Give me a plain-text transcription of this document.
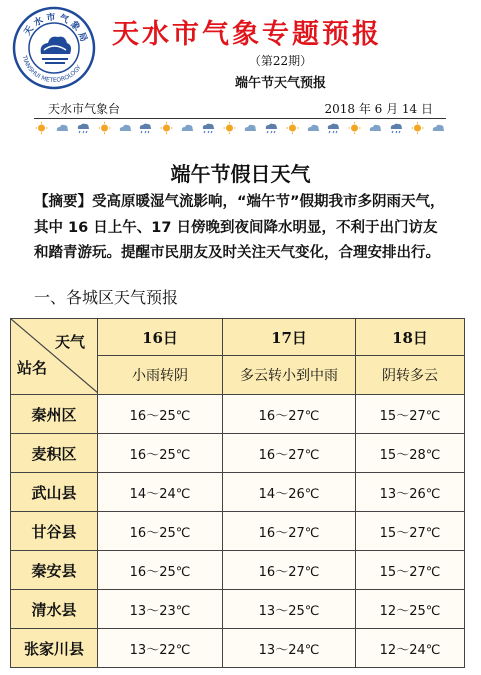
天 水 市 气 象 局
TIANSHUI METEOROLOGY
天水市气象专题预报
（第22期）
端午节天气预报
天水市气象台	2018 年 6 月 14 日
端午节假日天气
【摘要】受高原暖湿气流影响，“端午节”假期我市多阴雨天气，其中 16 日上午、17 日傍晚到夜间降水明显，不利于出门访友和踏青游玩。提醒市民朋友及时关注天气变化，合理安排出行。
一、各城区天气预报
天气
站名	16日	17日	18日
	小雨转阴	多云转小到中雨	阴转多云
秦州区	16～25℃	16～27℃	15～27℃
麦积区	16～25℃	16～27℃	15～28℃
武山县	14～24℃	14～26℃	13～26℃
甘谷县	16～25℃	16～27℃	15～27℃
秦安县	16～25℃	16～27℃	15～27℃
清水县	13～23℃	13～25℃	12～25℃
张家川县	13～22℃	13～24℃	12～24℃
